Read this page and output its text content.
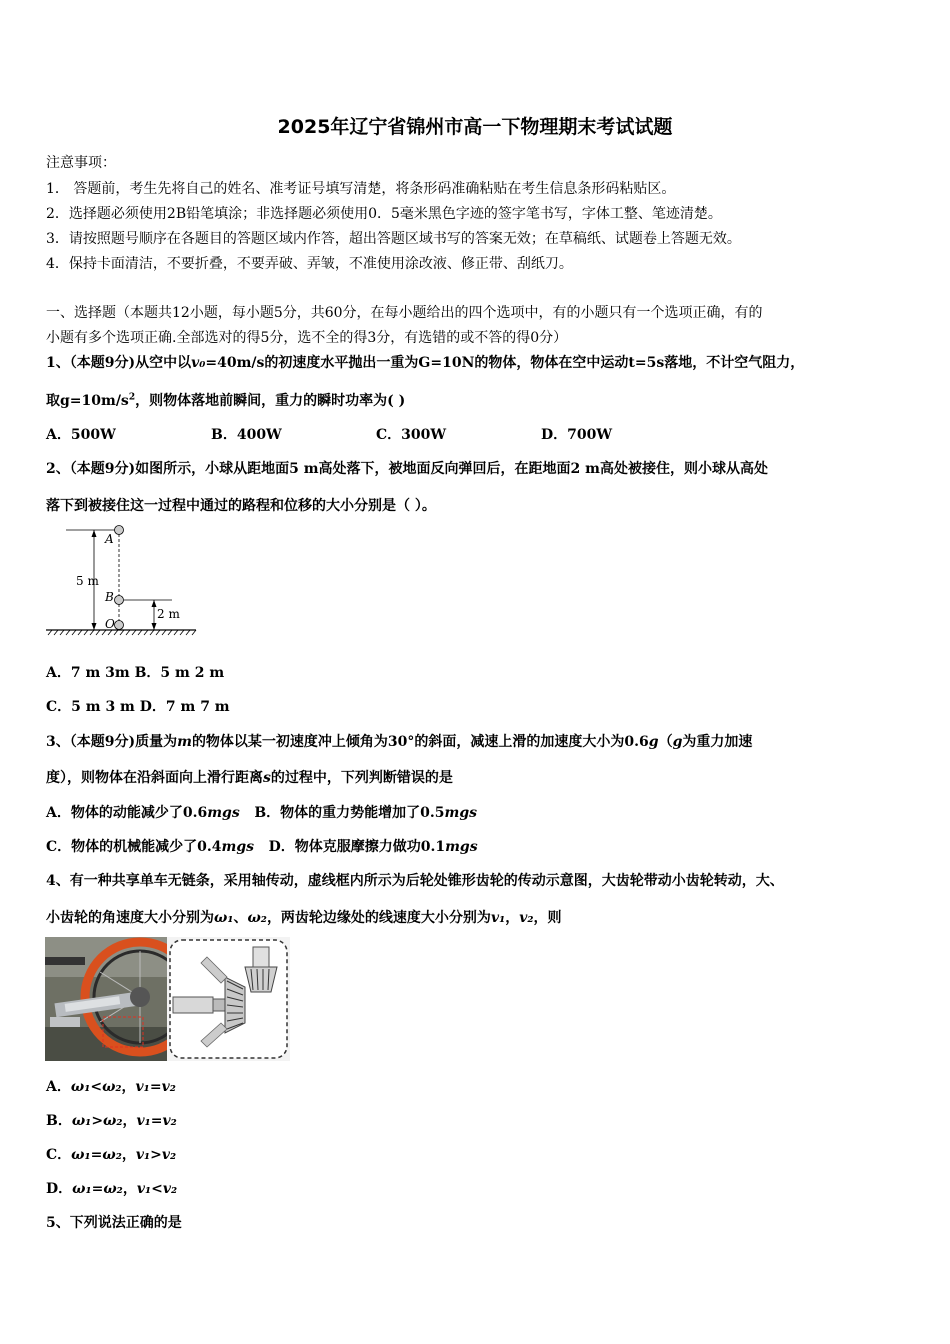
2025年辽宁省锦州市高一下物理期末考试试题
注意事项：
1． 答题前，考生先将自己的姓名、准考证号填写清楚，将条形码准确粘贴在考生信息条形码粘贴区。
2．选择题必须使用2B铅笔填涂；非选择题必须使用0．5毫米黑色字迹的签字笔书写，字体工整、笔迹清楚。
3．请按照题号顺序在各题目的答题区域内作答，超出答题区域书写的答案无效；在草稿纸、试题卷上答题无效。
4．保持卡面清洁，不要折叠，不要弄破、弄皱，不准使用涂改液、修正带、刮纸刀。
一、选择题（本题共12小题，每小题5分，共60分，在每小题给出的四个选项中，有的小题只有一个选项正确，有的
小题有多个选项正确.全部选对的得5分，选不全的得3分，有选错的或不答的得0分）
1、（本题9分)从空中以v₀=40m/s的初速度水平抛出一重为G=10N的物体，物体在空中运动t=5s落地，不计空气阻力，
取$g=10m/s^2$，则物体落地前瞬间，重力的瞬时功率为( )
A．500W	B．400W	C．300W	D．700W
2、（本题9分)如图所示，小球从距地面5 m高处落下，被地面反向弹回后，在距地面2 m高处被接住，则小球从高处
落下到被接住这一过程中通过的路程和位移的大小分别是（ ）。
A
B
O
5 m
2 m
A．7 m 3m B．5 m 2 m
C．5 m 3 m D．7 m 7 m
3、（本题9分)质量为m的物体以某一初速度冲上倾角为30°的斜面，减速上滑的加速度大小为0.6g（g为重力加速
度），则物体在沿斜面向上滑行距离s的过程中，下列判断错误的是
A．物体的动能减少了0.6mgs B．物体的重力势能增加了0.5mgs
C．物体的机械能减少了0.4mgs D．物体克服摩擦力做功0.1mgs
4、有一种共享单车无链条，采用轴传动，虚线框内所示为后轮处锥形齿轮的传动示意图，大齿轮带动小齿轮转动，大、
小齿轮的角速度大小分别为ω₁、ω₂，两齿轮边缘处的线速度大小分别为v₁，v₂，则
A．ω₁<ω₂，v₁=v₂
B．ω₁>ω₂，v₁=v₂
C．ω₁=ω₂，v₁>v₂
D．ω₁=ω₂，v₁<v₂
5、下列说法正确的是
